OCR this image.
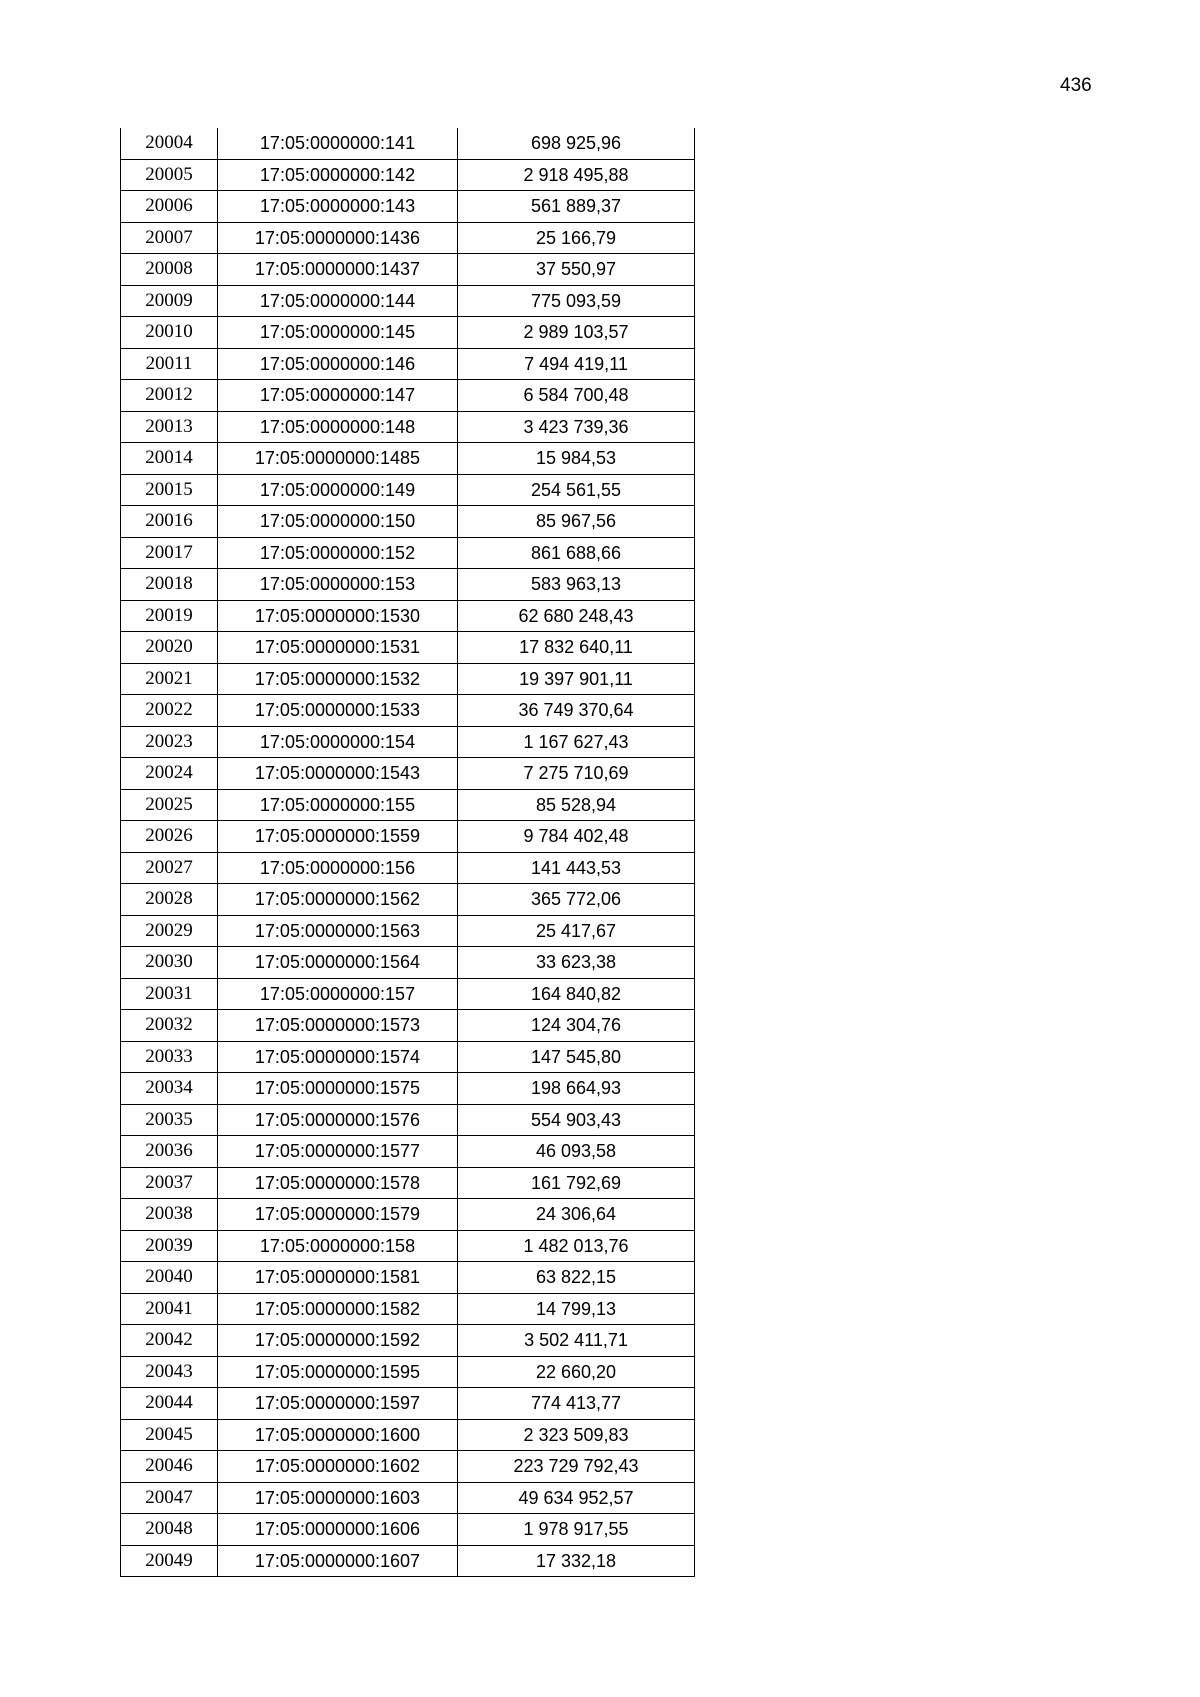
436
20004	17:05:0000000:141	698 925,96
20005	17:05:0000000:142	2 918 495,88
20006	17:05:0000000:143	561 889,37
20007	17:05:0000000:1436	25 166,79
20008	17:05:0000000:1437	37 550,97
20009	17:05:0000000:144	775 093,59
20010	17:05:0000000:145	2 989 103,57
20011	17:05:0000000:146	7 494 419,11
20012	17:05:0000000:147	6 584 700,48
20013	17:05:0000000:148	3 423 739,36
20014	17:05:0000000:1485	15 984,53
20015	17:05:0000000:149	254 561,55
20016	17:05:0000000:150	85 967,56
20017	17:05:0000000:152	861 688,66
20018	17:05:0000000:153	583 963,13
20019	17:05:0000000:1530	62 680 248,43
20020	17:05:0000000:1531	17 832 640,11
20021	17:05:0000000:1532	19 397 901,11
20022	17:05:0000000:1533	36 749 370,64
20023	17:05:0000000:154	1 167 627,43
20024	17:05:0000000:1543	7 275 710,69
20025	17:05:0000000:155	85 528,94
20026	17:05:0000000:1559	9 784 402,48
20027	17:05:0000000:156	141 443,53
20028	17:05:0000000:1562	365 772,06
20029	17:05:0000000:1563	25 417,67
20030	17:05:0000000:1564	33 623,38
20031	17:05:0000000:157	164 840,82
20032	17:05:0000000:1573	124 304,76
20033	17:05:0000000:1574	147 545,80
20034	17:05:0000000:1575	198 664,93
20035	17:05:0000000:1576	554 903,43
20036	17:05:0000000:1577	46 093,58
20037	17:05:0000000:1578	161 792,69
20038	17:05:0000000:1579	24 306,64
20039	17:05:0000000:158	1 482 013,76
20040	17:05:0000000:1581	63 822,15
20041	17:05:0000000:1582	14 799,13
20042	17:05:0000000:1592	3 502 411,71
20043	17:05:0000000:1595	22 660,20
20044	17:05:0000000:1597	774 413,77
20045	17:05:0000000:1600	2 323 509,83
20046	17:05:0000000:1602	223 729 792,43
20047	17:05:0000000:1603	49 634 952,57
20048	17:05:0000000:1606	1 978 917,55
20049	17:05:0000000:1607	17 332,18
